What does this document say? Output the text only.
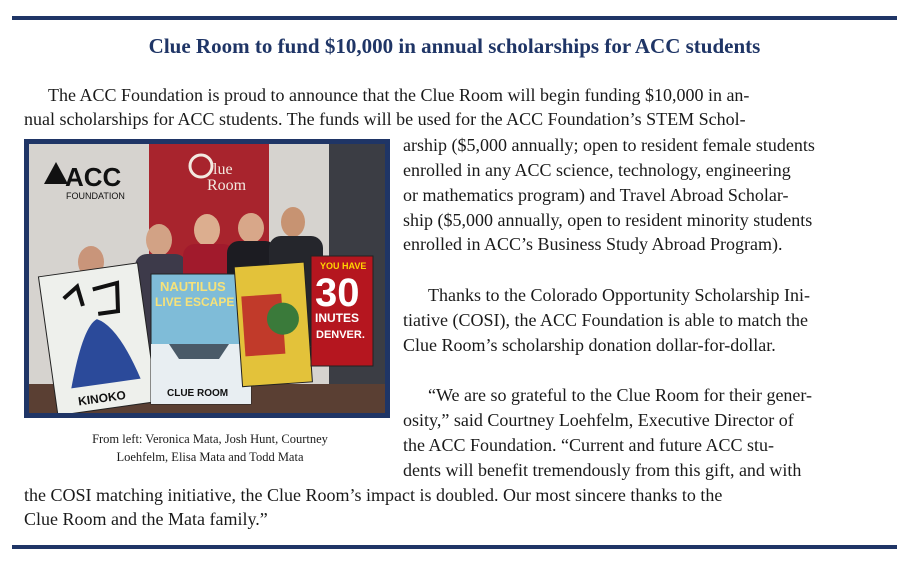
Clue Room to fund $10,000 in annual scholarships for ACC students
The ACC Foundation is proud to announce that the Clue Room will begin funding $10,000 in an-
nual scholarships for ACC students. The funds will be used for the ACC Foundation’s STEM Schol-
arship ($5,000 annually; open to resident female students
enrolled in any ACC science, technology, engineering
or mathematics program) and Travel Abroad Scholar-
ship ($5,000 annually, open to resident minority students
enrolled in ACC’s Business Study Abroad Program).
Thanks to the Colorado Opportunity Scholarship Ini-
tiative (COSI), the ACC Foundation is able to match the
Clue Room’s scholarship donation dollar-for-dollar.
“We are so grateful to the Clue Room for their gener-
osity,” said Courtney Loehfelm, Executive Director of
the ACC Foundation. “Current and future ACC stu-
dents will benefit tremendously from this gift, and with
the COSI matching initiative, the Clue Room’s impact is doubled. Our most sincere thanks to the
Clue Room and the Mata family.”
lue
Room
ACC
FOUNDATION
KINOKO
NAUTILUS
LIVE ESCAPE
CLUE ROOM
YOU HAVE
30
INUTES
DENVER.
From left: Veronica Mata, Josh Hunt, Courtney
Loehfelm, Elisa Mata and Todd Mata
